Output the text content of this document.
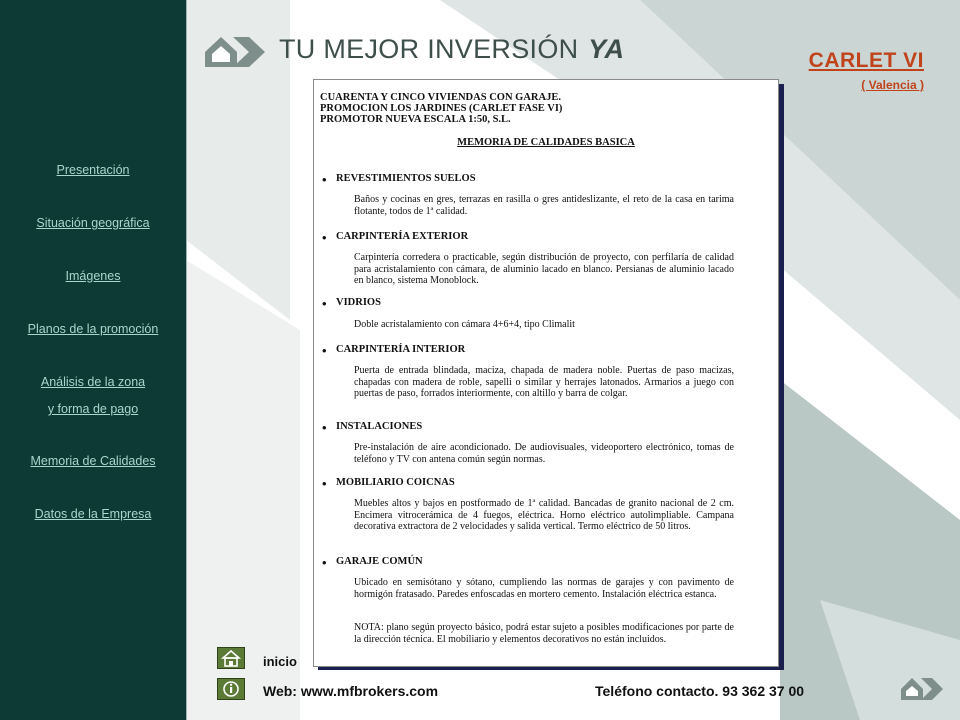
Presentación
Situación geográfica
Imágenes
Planos de la promoción
Análisis de la zona
y forma de pago
Memoria de Calidades
Datos de la Empresa
TU MEJOR INVERSIÓN YA	CARLET VI
( Valencia )
CUARENTA Y CINCO VIVIENDAS CON GARAJE.
PROMOCION LOS JARDINES (CARLET FASE VI)
PROMOTOR NUEVA ESCALA 1:50, S.L.
MEMORIA DE CALIDADES BASICA
• REVESTIMIENTOS SUELOS
Baños y cocinas en gres, terrazas en rasilla o gres antideslizante, el reto de la casa en tarima flotante, todos de 1ª calidad.
• CARPINTERÍA EXTERIOR
Carpintería corredera o practicable, según distribución de proyecto, con perfilaría de calidad para acristalamiento con cámara, de aluminio lacado en blanco. Persianas de aluminio lacado en blanco, sistema Monoblock.
• VIDRIOS
Doble acristalamiento con cámara 4+6+4, tipo Climalit
• CARPINTERÍA INTERIOR
Puerta de entrada blindada, maciza, chapada de madera noble. Puertas de paso macizas, chapadas con madera de roble, sapelli o similar y herrajes latonados. Armarios a juego con puertas de paso, forrados interiormente, con altillo y barra de colgar.
• INSTALACIONES
Pre-instalación de aire acondicionado. De audiovisuales, videoportero electrónico, tomas de teléfono y TV con antena común según normas.
• MOBILIARIO COICNAS
Muebles altos y bajos en postformado de 1ª calidad. Bancadas de granito nacional de 2 cm. Encimera vitrocerámica de 4 fuegos, eléctrica. Horno eléctrico autolimpliable. Campana decorativa extractora de 2 velocidades y salida vertical. Termo eléctrico de 50 litros.
• GARAJE COMÚN
Ubicado en semisótano y sótano, cumpliendo las normas de garajes y con pavimento de hormigón fratasado. Paredes enfoscadas en mortero cemento. Instalación eléctrica estanca.
NOTA: plano según proyecto básico, podrá estar sujeto a posibles modificaciones por parte de la dirección técnica. El mobiliario y elementos decorativos no están incluidos.
inicio
Web: www.mfbrokers.com	Teléfono contacto. 93 362 37 00
